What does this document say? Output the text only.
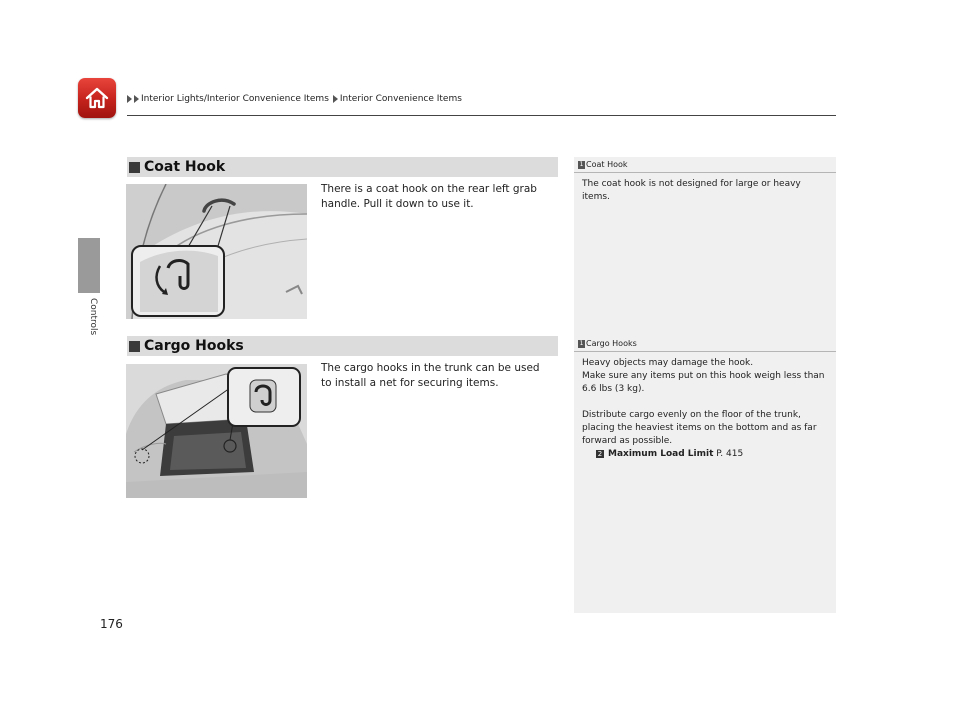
Interior Lights/Interior Convenience Items Interior Convenience Items
Controls
Coat Hook
There is a coat hook on the rear left grab handle. Pull it down to use it.
1 Coat Hook

The coat hook is not designed for large or heavy items.

Cargo Hooks
The cargo hooks in the trunk can be used to install a net for securing items.
1 Cargo Hooks

Heavy objects may damage the hook.

Make sure any items put on this hook weigh less than

6.6 lbs (3 kg).

Distribute cargo evenly on the floor of the trunk,

placing the heaviest items on the bottom and as far

forward as possible.

2 Maximum Load Limit P. 415

176
